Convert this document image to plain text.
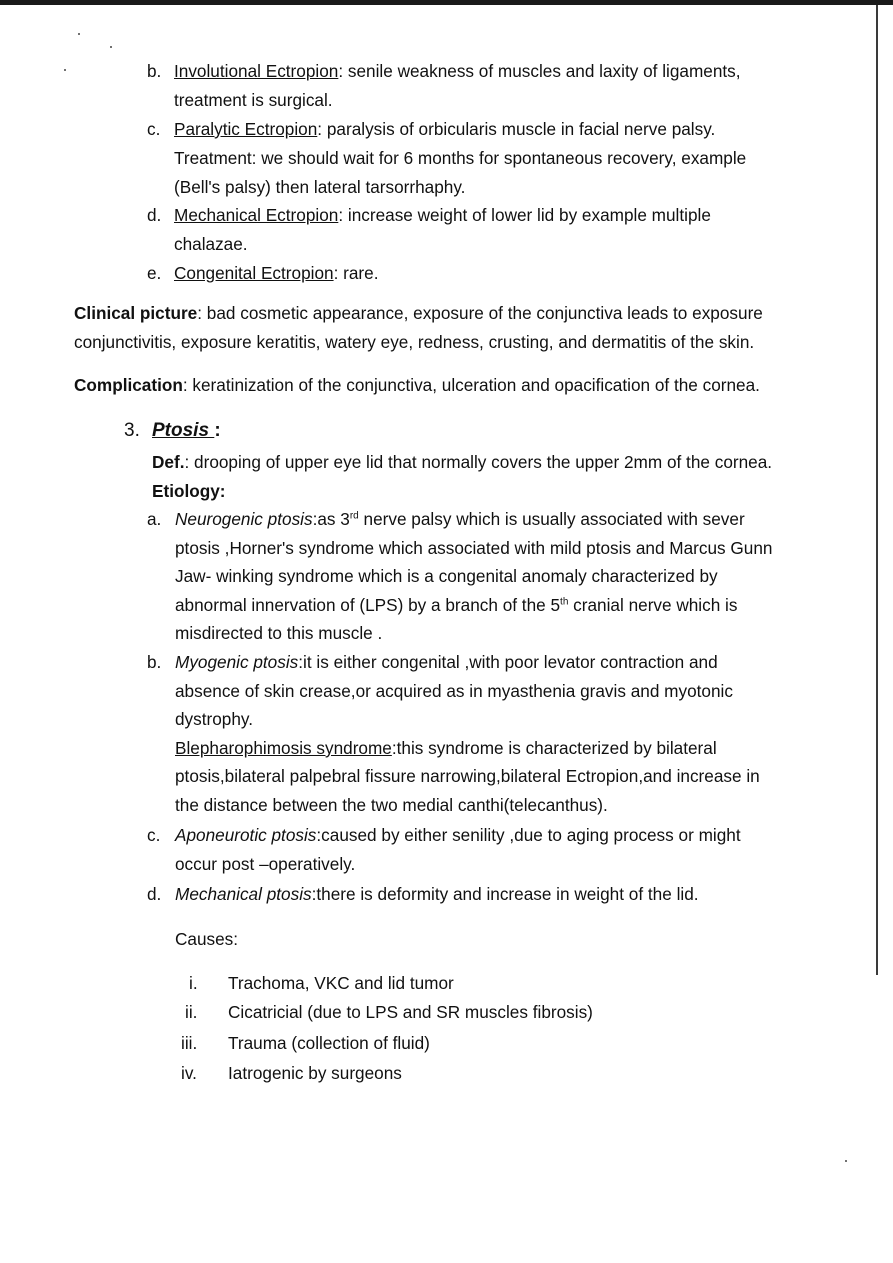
b. Involutional Ectropion: senile weakness of muscles and laxity of ligaments,
treatment is surgical.
c. Paralytic Ectropion: paralysis of orbicularis muscle in facial nerve palsy.
Treatment: we should wait for 6 months for spontaneous recovery, example
(Bell's palsy) then lateral tarsorrhaphy.
d. Mechanical Ectropion: increase weight of lower lid by example multiple
chalazae.
e. Congenital Ectropion: rare.
Clinical picture: bad cosmetic appearance, exposure of the conjunctiva leads to exposure
conjunctivitis, exposure keratitis, watery eye, redness, crusting, and dermatitis of the skin.
Complication: keratinization of the conjunctiva, ulceration and opacification of the cornea.
3. Ptosis :
Def.: drooping of upper eye lid that normally covers the upper 2mm of the cornea.
Etiology:
a. Neurogenic ptosis:as 3rd nerve palsy which is usually associated with sever
ptosis ,Horner's syndrome which associated with mild ptosis and Marcus Gunn
Jaw- winking syndrome which is a congenital anomaly characterized by
abnormal innervation of (LPS) by a branch of the 5th cranial nerve which is
misdirected to this muscle .
b. Myogenic ptosis:it is either congenital ,with poor levator contraction and
absence of skin crease,or acquired as in myasthenia gravis and myotonic
dystrophy.
Blepharophimosis syndrome:this syndrome is characterized by bilateral
ptosis,bilateral palpebral fissure narrowing,bilateral Ectropion,and increase in
the distance between the two medial canthi(telecanthus).
c. Aponeurotic ptosis:caused by either senility ,due to aging process or might
occur post –operatively.
d. Mechanical ptosis:there is deformity and increase in weight of the lid.
Causes:
i. Trachoma, VKC and lid tumor
ii. Cicatricial (due to LPS and SR muscles fibrosis)
iii. Trauma (collection of fluid)
iv. Iatrogenic by surgeons
